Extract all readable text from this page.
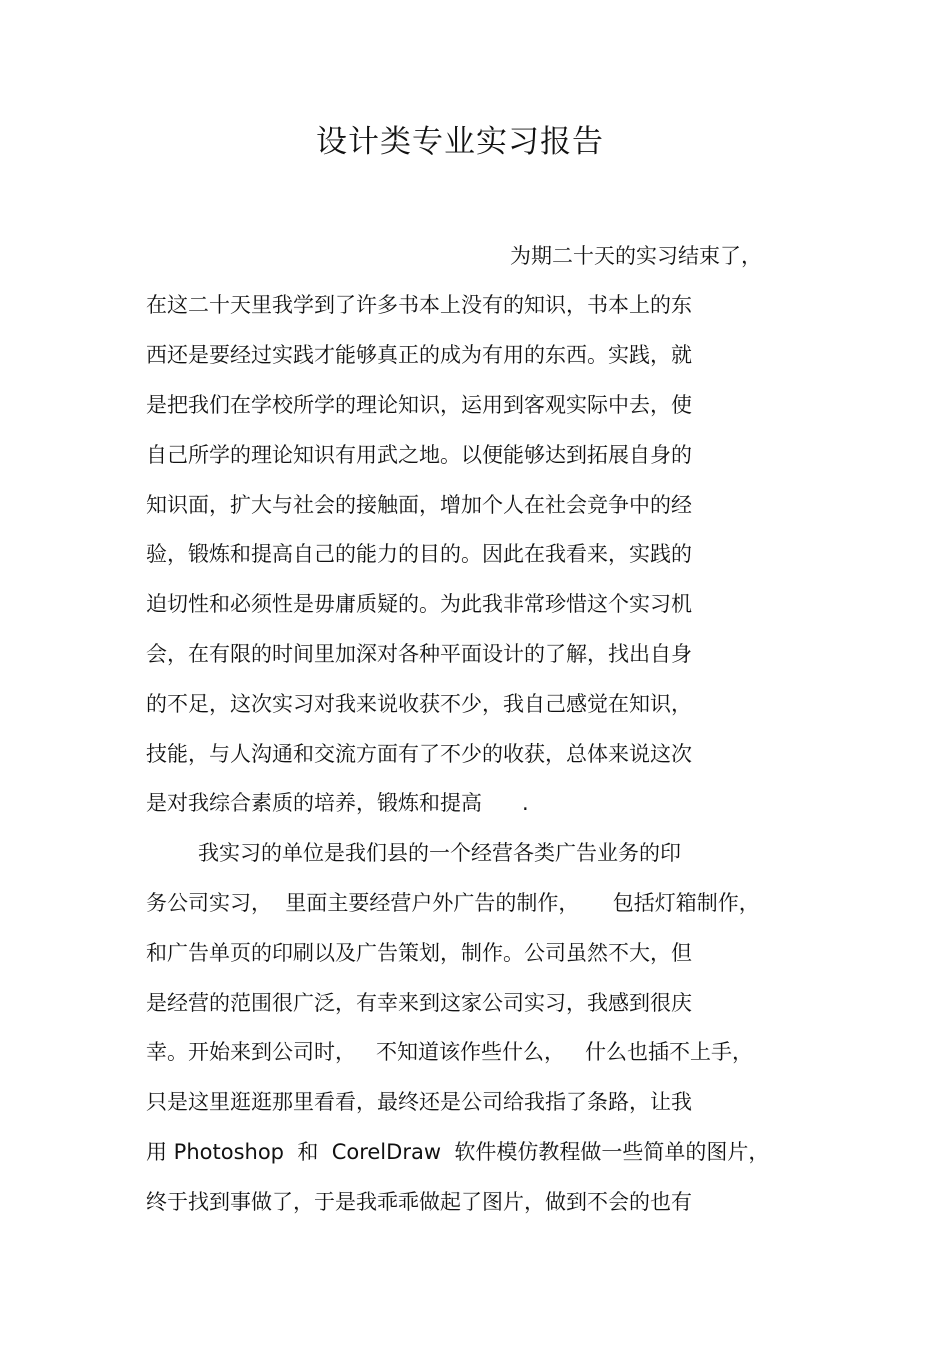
设计类专业实习报告

为期二十天的实习结束了，

在这二十天里我学到了许多书本上没有的知识，书本上的东

西还是要经过实践才能够真正的成为有用的东西。实践，就

是把我们在学校所学的理论知识，运用到客观实际中去，使

自己所学的理论知识有用武之地。以便能够达到拓展自身的

知识面，扩大与社会的接触面，增加个人在社会竞争中的经

验，锻炼和提高自己的能力的目的。因此在我看来，实践的

迫切性和必须性是毋庸质疑的。为此我非常珍惜这个实习机

会，在有限的时间里加深对各种平面设计的了解，找出自身

的不足，这次实习对我来说收获不少，我自己感觉在知识，

技能，与人沟通和交流方面有了不少的收获，总体来说这次

是对我综合素质的培养，锻炼和提高      .

我实习的单位是我们县的一个经营各类广告业务的印

务公司实习，  里面主要经营户外广告的制作，     包括灯箱制作，

和广告单页的印刷以及广告策划，制作。公司虽然不大，但

是经营的范围很广泛，有幸来到这家公司实习，我感到很庆

幸。开始来到公司时，   不知道该作些什么，   什么也插不上手，

只是这里逛逛那里看看，最终还是公司给我指了条路，让我

用 Photoshop  和  CorelDraw  软件模仿教程做一些简单的图片，

终于找到事做了，于是我乖乖做起了图片，做到不会的也有
